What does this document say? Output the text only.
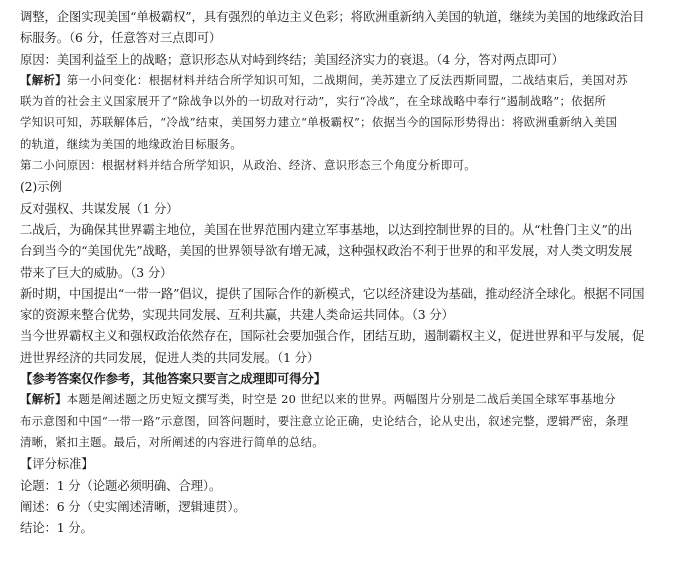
调整，企图实现美国“单极霸权”，具有强烈的单边主义色彩；将欧洲重新纳入美国的轨道，继续为美国的地缘政治目
标服务。（6 分，任意答对三点即可）
原因：美国利益至上的战略；意识形态从对峙到终结；美国经济实力的衰退。（4 分，答对两点即可）
【解析】第一小问变化：根据材料并结合所学知识可知，二战期间，美苏建立了反法西斯同盟，二战结束后，美国对苏
联为首的社会主义国家展开了“除战争以外的一切敌对行动”，实行“冷战”，在全球战略中奉行“遏制战略”；依据所
学知识可知，苏联解体后，“冷战”结束，美国努力建立“单极霸权”；依据当今的国际形势得出：将欧洲重新纳入美国
的轨道，继续为美国的地缘政治目标服务。
第二小问原因：根据材料并结合所学知识，从政治、经济、意识形态三个角度分析即可。
(2)示例
反对强权、共谋发展（1 分）
二战后，为确保其世界霸主地位，美国在世界范围内建立军事基地，以达到控制世界的目的。从“杜鲁门主义”的出
台到当今的“美国优先”战略，美国的世界领导欲有增无减，这种强权政治不利于世界的和平发展，对人类文明发展
带来了巨大的威胁。（3 分）
新时期，中国提出“一带一路”倡议，提供了国际合作的新模式，它以经济建设为基础，推动经济全球化。根据不同国
家的资源来整合优势，实现共同发展、互利共赢，共建人类命运共同体。（3 分）
当今世界霸权主义和强权政治依然存在，国际社会要加强合作，团结互助，遏制霸权主义，促进世界和平与发展，促
进世界经济的共同发展，促进人类的共同发展。（1 分）
【参考答案仅作参考，其他答案只要言之成理即可得分】
【解析】本题是阐述题之历史短文撰写类，时空是 20 世纪以来的世界。两幅图片分别是二战后美国全球军事基地分
布示意图和中国“一带一路”示意图，回答问题时，要注意立论正确，史论结合，论从史出，叙述完整，逻辑严密，条理
清晰，紧扣主题。最后，对所阐述的内容进行简单的总结。
【评分标准】
论题：1 分（论题必须明确、合理）。
阐述：6 分（史实阐述清晰，逻辑連贯）。
结论：1 分。
